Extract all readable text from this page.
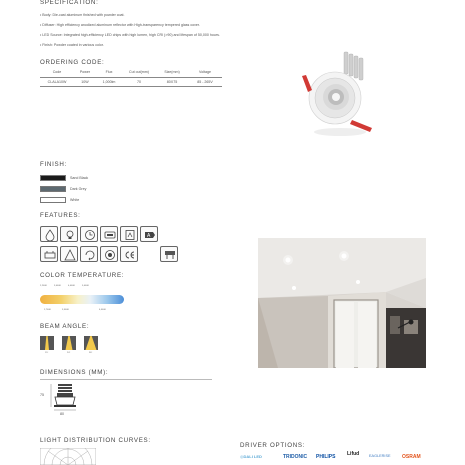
SPECIFICATION:
• Body: Die-cast aluminum finished with powder coat.
• Diffuser: High efficiency anodized aluminum reflector with High-transparency tempered glass cover.
• LED Source: Integrated high-efficiency LED chips with high lumen, high CRI (>90) and lifespan of 50,000 hours.
• Finish: Powder coated in various color.
ORDERING CODE:
Code	Power	Flux	Cut out(mm)	Size(mm)	Voltage
CLALA10W	10W	1,000lm	70	80X75	85 - 265V
FINISH:
Sand Black
Dark Grey
White
FEATURES:
A
COLOR TEMPERATURE:
2,200K	3,000K	4,000K	5,000K
2,700K	3,500K	6,500K
BEAM ANGLE:
15°	24°	36°
DIMENSIONS (MM):
75
80
LIGHT DISTRIBUTION CURVES:
DRIVER OPTIONS:
◎DALI LED	TRIDONIC PHILIPS Lifud	EAGLERISE OSRAM
